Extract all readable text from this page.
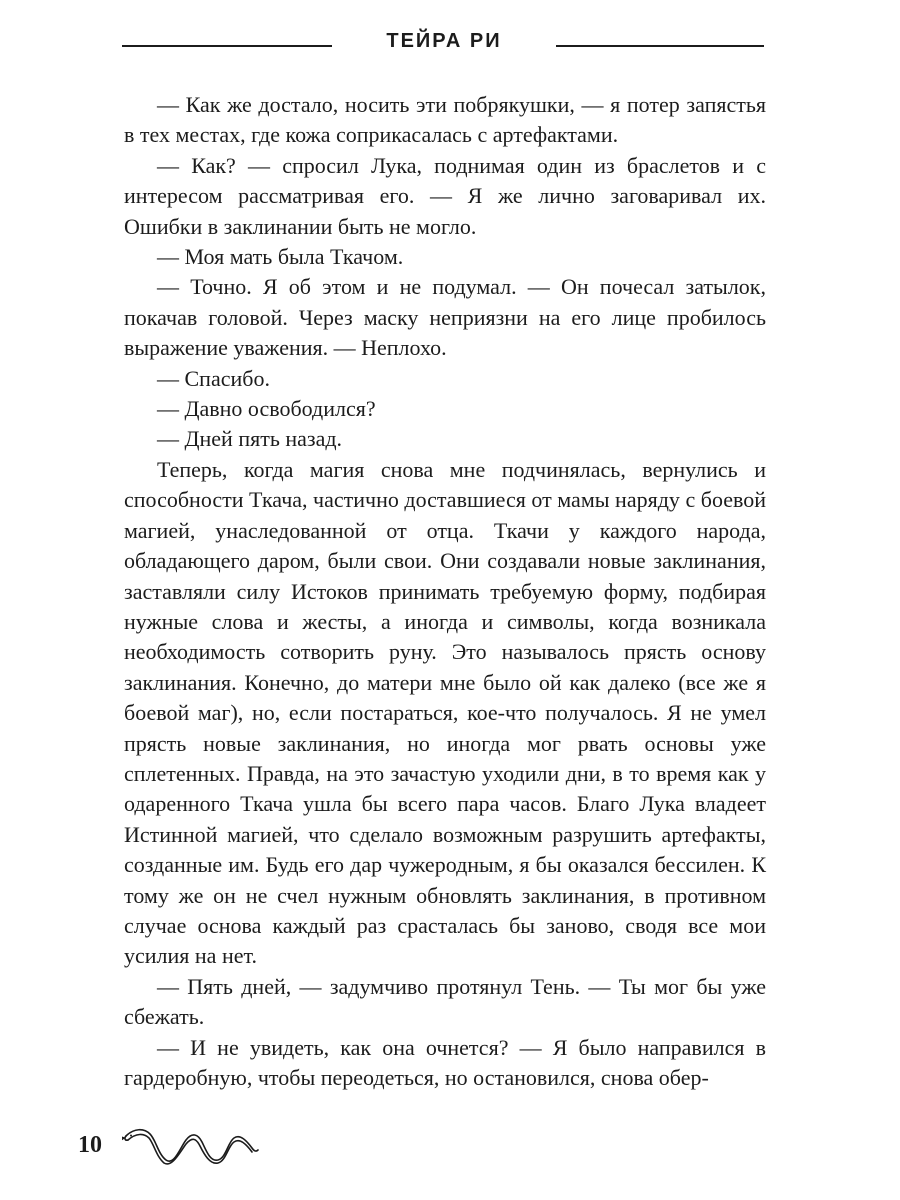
ТЕЙРА РИ

— Как же достало, носить эти побрякушки, — я потер запястья в тех местах, где кожа соприкасалась с артефактами.

— Как? — спросил Лука, поднимая один из браслетов и с интересом рассматривая его. — Я же лично заговаривал их. Ошибки в заклинании быть не могло.

— Моя мать была Ткачом.

— Точно. Я об этом и не подумал. — Он почесал затылок, покачав головой. Через маску неприязни на его лице пробилось выражение уважения. — Неплохо.

— Спасибо.

— Давно освободился?

— Дней пять назад.

Теперь, когда магия снова мне подчинялась, вернулись и способности Ткача, частично доставшиеся от мамы наряду с боевой магией, унаследованной от отца. Ткачи у каждого народа, обладающего даром, были свои. Они создавали новые заклинания, заставляли силу Истоков принимать требуемую форму, подбирая нужные слова и жесты, а иногда и символы, когда возникала необходимость сотворить руну. Это называлось прясть основу заклинания. Конечно, до матери мне было ой как далеко (все же я боевой маг), но, если постараться, кое-что получалось. Я не умел прясть новые заклинания, но иногда мог рвать основы уже сплетенных. Правда, на это зачастую уходили дни, в то время как у одаренного Ткача ушла бы всего пара часов. Благо Лука владеет Истинной магией, что сделало возможным разрушить артефакты, созданные им. Будь его дар чужеродным, я бы оказался бессилен. К тому же он не счел нужным обновлять заклинания, в противном случае основа каждый раз срасталась бы заново, сводя все мои усилия на нет.

— Пять дней, — задумчиво протянул Тень. — Ты мог бы уже сбежать.

— И не увидеть, как она очнется? — Я было направился в гардеробную, чтобы переодеться, но остановился, снова обер-

10
